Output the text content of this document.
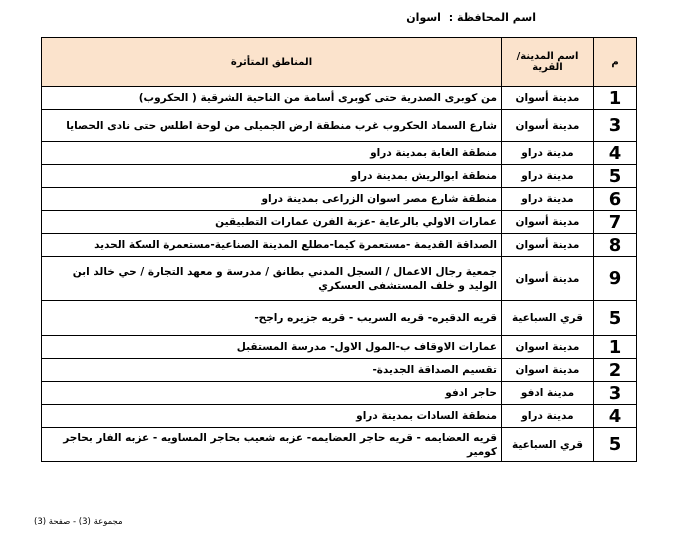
اسم المحافظة : اسوان
م	اسم المدينة/ القرية	المناطق المتأثرة
1	مدينة أسوان	من كوبرى الصدرية حتى كوبرى أسامة من الناحية الشرقية ( الحكروب)
3	مدينة أسوان	شارع السماد الحكروب غرب منطقة ارض الجميلى من لوحة اطلس حتى نادى الحصايا
4	مدينة دراو	منطقة الغابة بمدينة دراو
5	مدينة دراو	منطقة ابوالريش بمدينة دراو
6	مدينة دراو	منطقة شارع مصر اسوان الزراعى بمدينة دراو
7	مدينة أسوان	عمارات الاولي بالرعاية -عزبة الفرن عمارات التطبيقين
8	مدينة أسوان	الصداقة القديمة -مستعمرة كيما-مطلع المدينة الصناعية-مستعمرة السكة الحديد
9	مدينة أسوان	جمعية رجال الاعمال / السجل المدني بطانق / مدرسة و معهد التجارة / حي خالد ابن الوليد و خلف المستشفى العسكري
5	قري السباعية	قريه الدقيره- قريه السريب - قريه جزيره راجح-
1	مدينة اسوان	عمارات الاوقاف ب-المول الاول- مدرسة المستقبل
2	مدينة اسوان	تقسيم الصداقة الجديدة-
3	مدينة ادفو	حاجر ادفو
4	مدينة دراو	منطقة السادات بمدينة دراو
5	قري السباعية	قريه العضايمه - قريه حاجر العضايمه- عزبه شعيب بحاجر المساويه - عزبه الفار بحاجر كومير
مجموعة (3) - صفحة (3)
